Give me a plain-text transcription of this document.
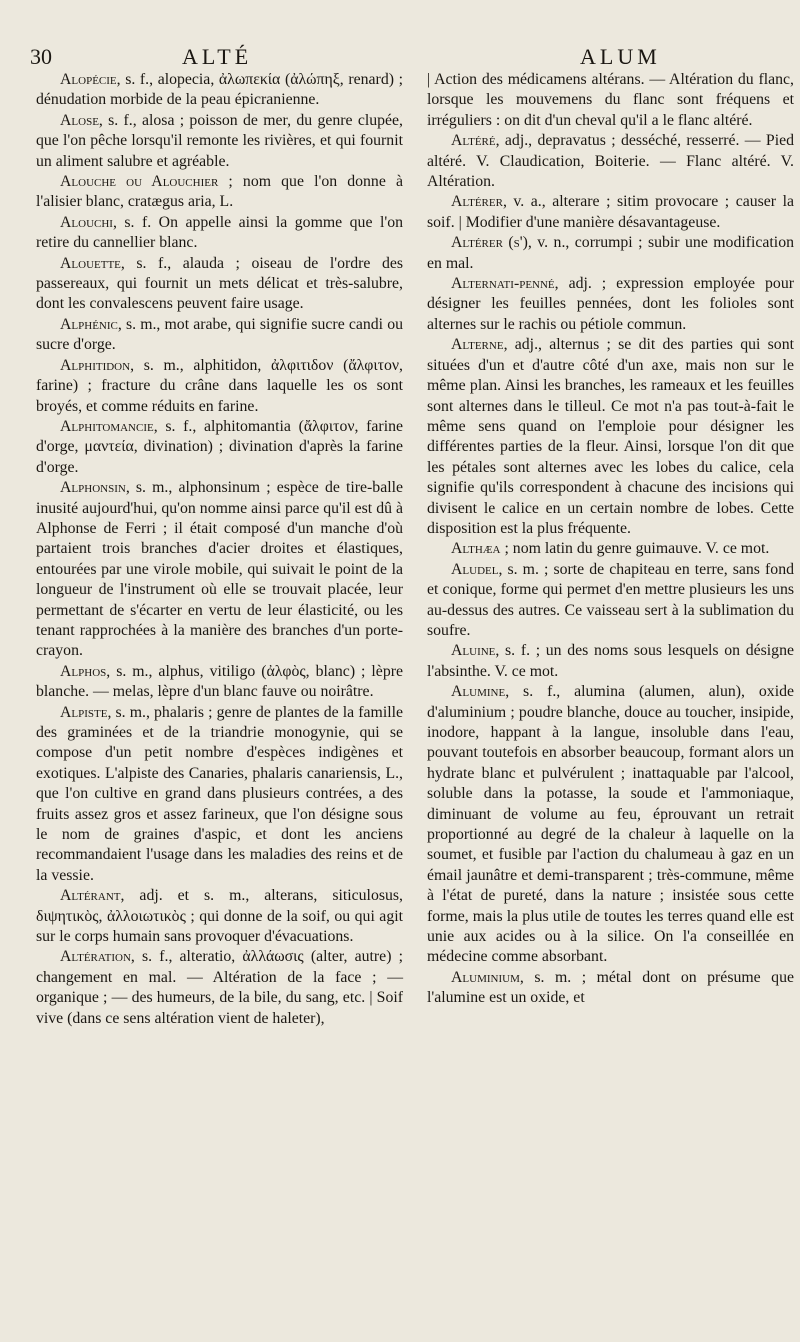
30	ALTÉ	ALUM

Alopécie, s. f., alopecia, ἀλωπεκία (ἀλώπηξ, renard) ; dénudation morbide de la peau épicranienne.

Alose, s. f., alosa ; poisson de mer, du genre clupée, que l'on pêche lorsqu'il remonte les rivières, et qui fournit un aliment salubre et agréable.

Alouche ou Alouchier ; nom que l'on donne à l'alisier blanc, cratægus aria, L.

Alouchi, s. f. On appelle ainsi la gomme que l'on retire du cannellier blanc.

Alouette, s. f., alauda ; oiseau de l'ordre des passereaux, qui fournit un mets délicat et très-salubre, dont les convalescens peuvent faire usage.

Alphénic, s. m., mot arabe, qui signifie sucre candi ou sucre d'orge.

Alphitidon, s. m., alphitidon, ἀλφιτιδον (ἄλφιτον, farine) ; fracture du crâne dans laquelle les os sont broyés, et comme réduits en farine.

Alphitomancie, s. f., alphitomantia (ἄλφιτον, farine d'orge, μαντεία, divination) ; divination d'après la farine d'orge.

Alphonsin, s. m., alphonsinum ; espèce de tire-balle inusité aujourd'hui, qu'on nomme ainsi parce qu'il est dû à Alphonse de Ferri ; il était composé d'un manche d'où partaient trois branches d'acier droites et élastiques, entourées par une virole mobile, qui suivait le point de la longueur de l'instrument où elle se trouvait placée, leur permettant de s'écarter en vertu de leur élasticité, ou les tenant rapprochées à la manière des branches d'un porte-crayon.

Alphos, s. m., alphus, vitiligo (ἀλφὸς, blanc) ; lèpre blanche. — melas, lèpre d'un blanc fauve ou noirâtre.

Alpiste, s. m., phalaris ; genre de plantes de la famille des graminées et de la triandrie monogynie, qui se compose d'un petit nombre d'espèces indigènes et exotiques. L'alpiste des Canaries, phalaris canariensis, L., que l'on cultive en grand dans plusieurs contrées, a des fruits assez gros et assez farineux, que l'on désigne sous le nom de graines d'aspic, et dont les anciens recommandaient l'usage dans les maladies des reins et de la vessie.

Altérant, adj. et s. m., alterans, siticulosus, διψητικὸς, ἀλλοιωτικὸς ; qui donne de la soif, ou qui agit sur le corps humain sans provoquer d'évacuations.

Altération, s. f., alteratio, ἀλλάωσις (alter, autre) ; changement en mal. — Altération de la face ; — organique ; — des humeurs, de la bile, du sang, etc. | Soif vive (dans ce sens altération vient de haleter),

| Action des médicamens altérans. — Altération du flanc, lorsque les mouvemens du flanc sont fréquens et irréguliers : on dit d'un cheval qu'il a le flanc altéré.

Altéré, adj., depravatus ; desséché, resserré. — Pied altéré. V. Claudication, Boiterie. — Flanc altéré. V. Altération.

Altérer, v. a., alterare ; sitim provocare ; causer la soif. | Modifier d'une manière désavantageuse.

Altérer (s'), v. n., corrumpi ; subir une modification en mal.

Alternati-penné, adj. ; expression employée pour désigner les feuilles pennées, dont les folioles sont alternes sur le rachis ou pétiole commun.

Alterne, adj., alternus ; se dit des parties qui sont situées d'un et d'autre côté d'un axe, mais non sur le même plan. Ainsi les branches, les rameaux et les feuilles sont alternes dans le tilleul. Ce mot n'a pas tout-à-fait le même sens quand on l'emploie pour désigner les différentes parties de la fleur. Ainsi, lorsque l'on dit que les pétales sont alternes avec les lobes du calice, cela signifie qu'ils correspondent à chacune des incisions qui divisent le calice en un certain nombre de lobes. Cette disposition est la plus fréquente.

Althæa ; nom latin du genre guimauve. V. ce mot.

Aludel, s. m. ; sorte de chapiteau en terre, sans fond et conique, forme qui permet d'en mettre plusieurs les uns au-dessus des autres. Ce vaisseau sert à la sublimation du soufre.

Aluine, s. f. ; un des noms sous lesquels on désigne l'absinthe. V. ce mot.

Alumine, s. f., alumina (alumen, alun), oxide d'aluminium ; poudre blanche, douce au toucher, insipide, inodore, happant à la langue, insoluble dans l'eau, pouvant toutefois en absorber beaucoup, formant alors un hydrate blanc et pulvérulent ; inattaquable par l'alcool, soluble dans la potasse, la soude et l'ammoniaque, diminuant de volume au feu, éprouvant un retrait proportionné au degré de la chaleur à laquelle on la soumet, et fusible par l'action du chalumeau à gaz en un émail jaunâtre et demi-transparent ; très-commune, même à l'état de pureté, dans la nature ; insistée sous cette forme, mais la plus utile de toutes les terres quand elle est unie aux acides ou à la silice. On l'a conseillée en médecine comme absorbant.

Aluminium, s. m. ; métal dont on présume que l'alumine est un oxide, et
